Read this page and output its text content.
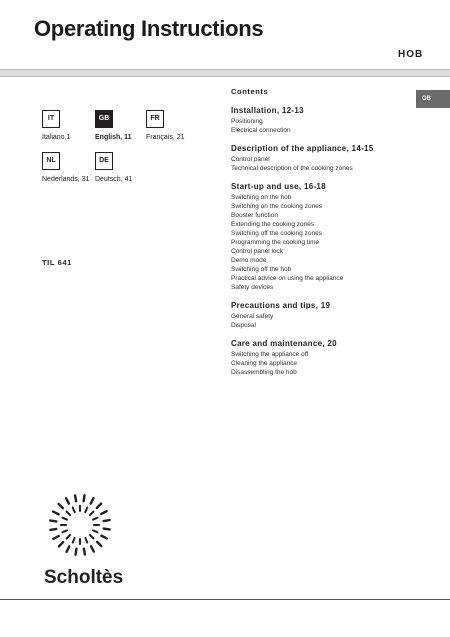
Operating Instructions
HOB
GB
IT
Italiano,1
GB
English, 11
FR
Français, 21
NL
Nederlands, 31
DE
Deutsch, 41
TIL 641
Contents
Installation, 12-13
Positioning
Electrical connection
Description of the appliance, 14-15
Control panel
Technical description of the cooking zones
Start-up and use, 16-18
Switching on the hob
Switching on the cooking zones
Booster function
Extending the cooking zones
Switching off the cooking zones
Programming the cooking time
Control panel lock
Demo mode
Switching off the hob
Practical advice on using the appliance
Safety devices
Precautions and tips, 19
General safety
Disposal
Care and maintenance, 20
Switching the appliance off
Cleaning the appliance
Disassembling the hob
Scholtès
